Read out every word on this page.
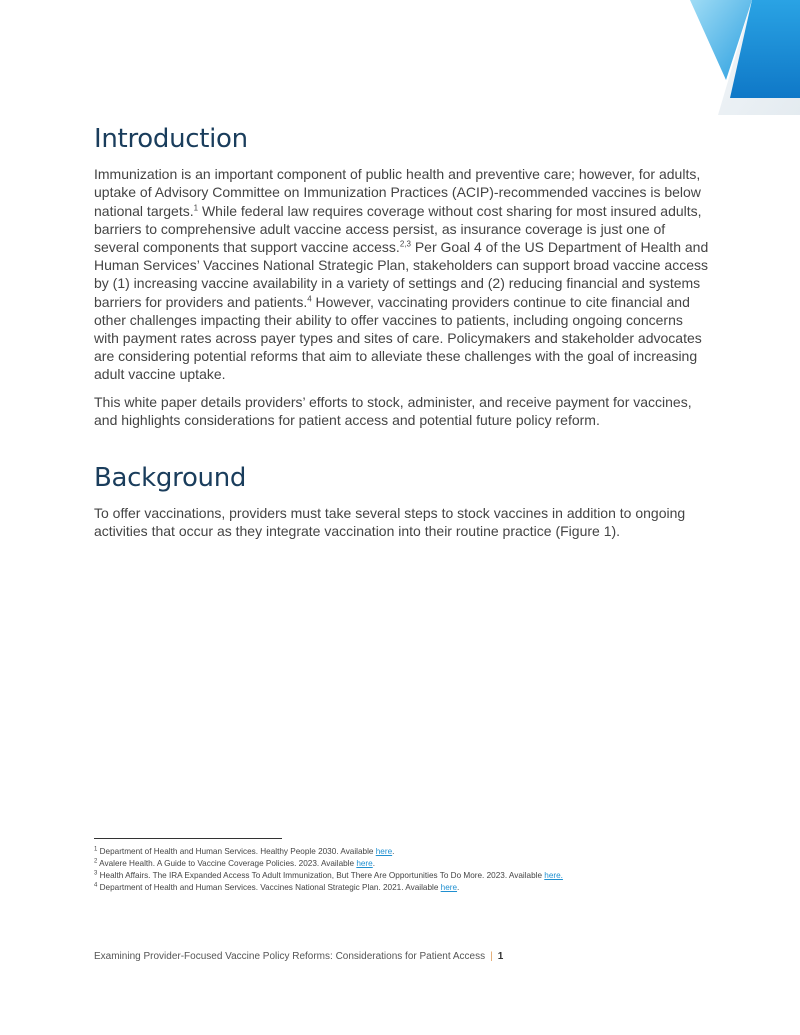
Introduction

Immunization is an important component of public health and preventive care; however, for adults, uptake of Advisory Committee on Immunization Practices (ACIP)-recommended vaccines is below national targets.$^1$ While federal law requires coverage without cost sharing for most insured adults, barriers to comprehensive adult vaccine access persist, as insurance coverage is just one of several components that support vaccine access.$^{2,3}$ Per Goal 4 of the US Department of Health and Human Services’ Vaccines National Strategic Plan, stakeholders can support broad vaccine access by (1) increasing vaccine availability in a variety of settings and (2) reducing financial and systems barriers for providers and patients.$^4$ However, vaccinating providers continue to cite financial and other challenges impacting their ability to offer vaccines to patients, including ongoing concerns with payment rates across payer types and sites of care. Policymakers and stakeholder advocates are considering potential reforms that aim to alleviate these challenges with the goal of increasing adult vaccine uptake.

This white paper details providers’ efforts to stock, administer, and receive payment for vaccines, and highlights considerations for patient access and potential future policy reform.

Background

To offer vaccinations, providers must take several steps to stock vaccines in addition to ongoing activities that occur as they integrate vaccination into their routine practice (Figure 1).

$^1$ Department of Health and Human Services. Healthy People 2030. Available here.
$^2$ Avalere Health. A Guide to Vaccine Coverage Policies. 2023. Available here.
$^3$ Health Affairs. The IRA Expanded Access To Adult Immunization, But There Are Opportunities To Do More. 2023. Available here.
$^4$ Department of Health and Human Services. Vaccines National Strategic Plan. 2021. Available here.
Examining Provider-Focused Vaccine Policy Reforms: Considerations for Patient Access | 1
